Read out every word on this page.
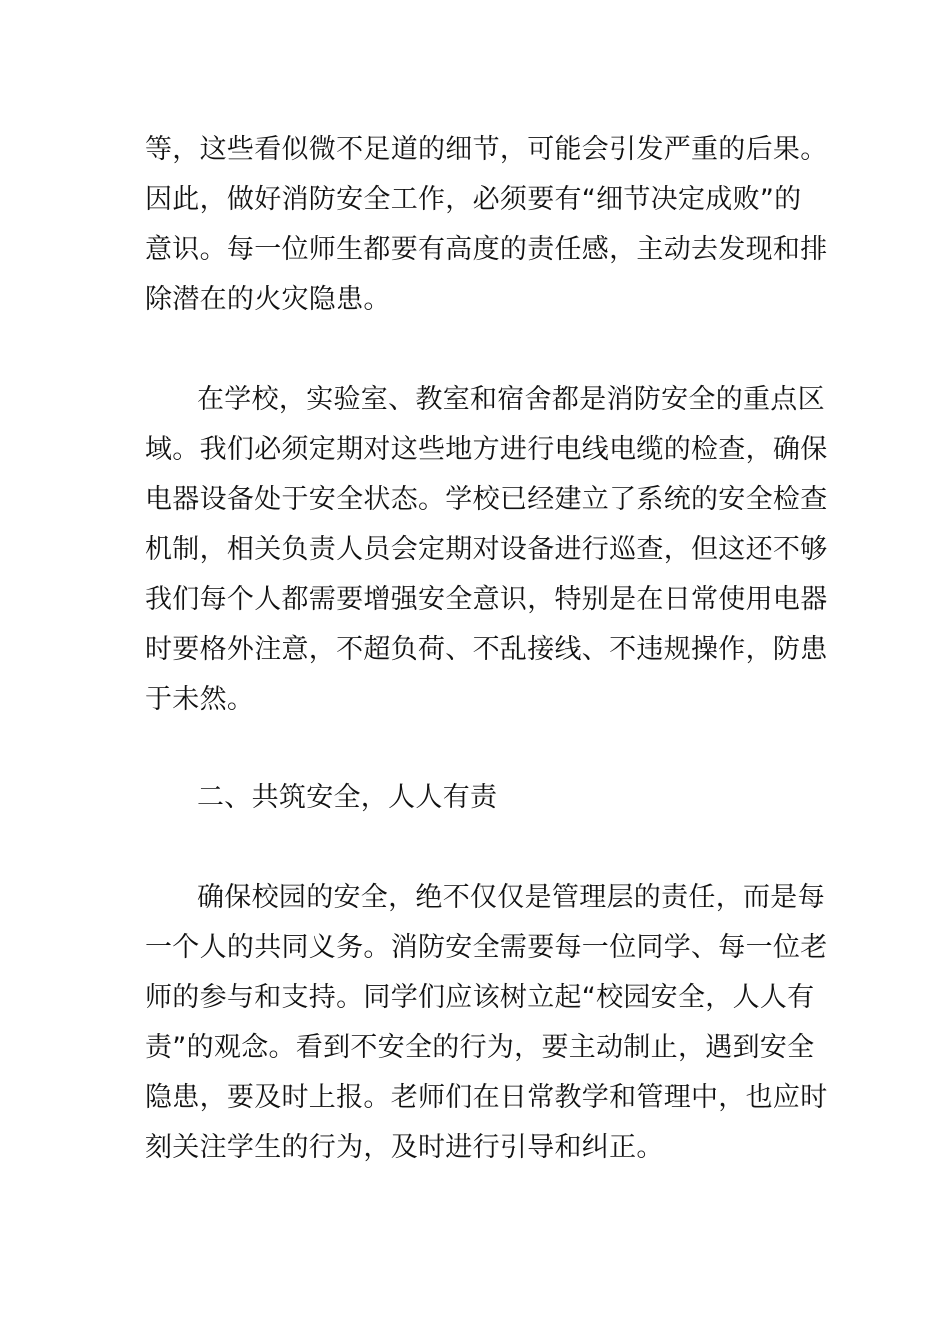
等，这些看似微不足道的细节，可能会引发严重的后果。
因此，做好消防安全工作，必须要有“细节决定成败”的
意识。每一位师生都要有高度的责任感，主动去发现和排
除潜在的火灾隐患。
在学校，实验室、教室和宿舍都是消防安全的重点区
域。我们必须定期对这些地方进行电线电缆的检查，确保
电器设备处于安全状态。学校已经建立了系统的安全检查
机制，相关负责人员会定期对设备进行巡查，但这还不够
我们每个人都需要增强安全意识，特别是在日常使用电器
时要格外注意，不超负荷、不乱接线、不违规操作，防患
于未然。
二、共筑安全，人人有责
确保校园的安全，绝不仅仅是管理层的责任，而是每
一个人的共同义务。消防安全需要每一位同学、每一位老
师的参与和支持。同学们应该树立起“校园安全，人人有
责”的观念。看到不安全的行为，要主动制止，遇到安全
隐患，要及时上报。老师们在日常教学和管理中，也应时
刻关注学生的行为，及时进行引导和纠正。
